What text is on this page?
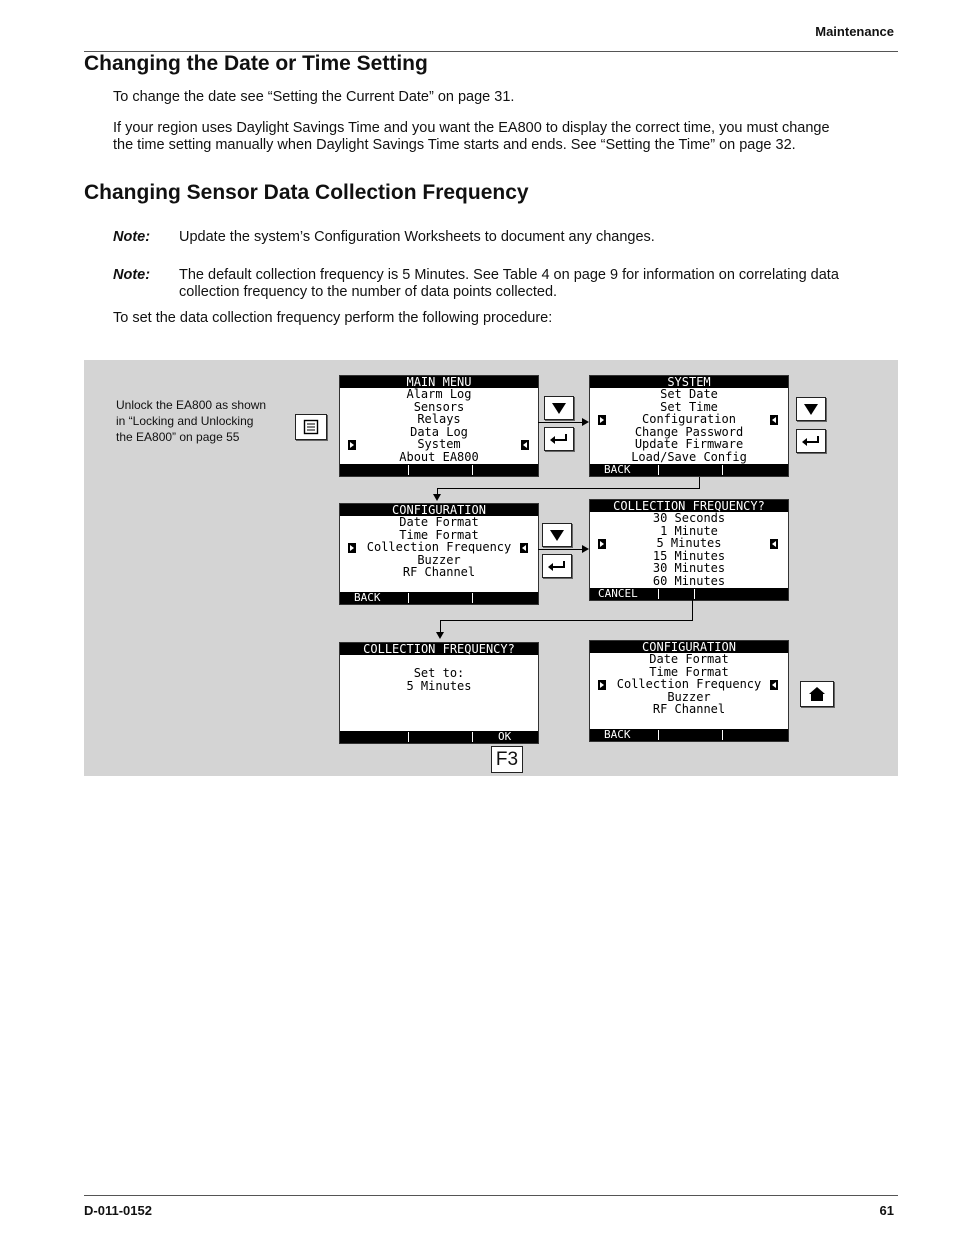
Maintenance
Changing the Date or Time Setting
To change the date see “Setting the Current Date” on page 31.
If your region uses Daylight Savings Time and you want the EA800 to display the correct time, you must change
the time setting manually when Daylight Savings Time starts and ends. See “Setting the Time” on page 32.
Changing Sensor Data Collection Frequency
Note: Update the system’s Configuration Worksheets to document any changes.
Note: The default collection frequency is 5 Minutes. See Table 4 on page 9 for information on correlating data
collection frequency to the number of data points collected.
To set the data collection frequency perform the following procedure:
Unlock the EA800 as shown
in “Locking and Unlocking
the EA800” on page 55
MAIN MENU
Alarm Log
Sensors
Relays
Data Log
System
About EA800
SYSTEM
Set Date
Set Time
Configuration
Change Password
Update Firmware
Load/Save Config
BACK
CONFIGURATION
Date Format
Time Format
Collection Frequency
Buzzer
RF Channel
BACK
COLLECTION FREQUENCY?
30 Seconds
1 Minute
5 Minutes
15 Minutes
30 Minutes
60 Minutes
CANCEL
COLLECTION FREQUENCY?
Set to:
5 Minutes
OK
F3
CONFIGURATION
Date Format
Time Format
Collection Frequency
Buzzer
RF Channel
BACK
D-011-0152	61
